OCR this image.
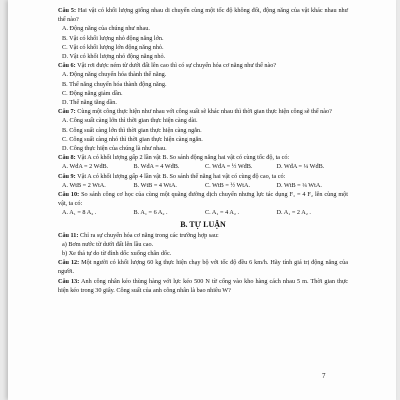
Câu 5: Hai vật có khối lượng giống nhau di chuyển cùng một tốc độ không đổi, động năng của vật khác nhau như thế nào?
A. Động năng của chúng như nhau.
B. Vật có khối lượng nhỏ động năng lớn.
C. Vật có khối lượng lớn động năng nhỏ.
D. Vật có khối lượng nhỏ động năng nhỏ.
Câu 6: Vật rơi được ném từ dưới đất lên cao thì có sự chuyển hóa cơ năng như thế nào?
A. Động năng chuyển hóa thành thế năng.
B. Thế năng chuyển hóa thành động năng.
C. Động năng giảm dần.
D. Thế năng tăng dần.
Câu 7: Cùng một công thực hiện như nhau với công suất sẽ khác nhau thì thời gian thực hiện công sẽ thế nào?
A. Công suất càng lớn thì thời gian thực hiện càng dài.
B. Công suất càng lớn thì thời gian thực hiện càng ngắn.
C. Công suất càng nhỏ thì thời gian thực hiện càng ngắn.
D. Công thực hiện của chúng là như nhau.
Câu 8: Vật A có khối lượng gấp 2 lần vật B. So sánh động năng hai vật có cùng tốc độ, ta có:
A. WđA = 2 WđB.	B. WđA = 4 WđB.	C. WđA = ½ WđB.	D. WđA = ¼ WđB.
Câu 9: Vật A có khối lượng gấp 4 lần vật B. So sánh thế năng hai vật có cùng độ cao, ta có:
A. WtB = 2 WtA.	B. WtB = 4 WtA.	C. WtB = ½ WtA.	D. WtB = ¼ WtA.
Câu 10: So sánh công cơ học của cùng một quãng đường dịch chuyển nhưng lực tác dụng F₁ = 4 F₂ lên cùng một vật, ta có:
A. A₁ = 8 A₂ .	B. A₁ = 6 A₂ .	C. A₁ = 4 A₂ .	D. A₁ = 2 A₂ .
B. TỰ LUẬN
Câu 11: Chỉ ra sự chuyển hóa cơ năng trong các trường hợp sau:
a) Bơm nước từ dưới đất lên lầu cao.
b) Xe thả tự do từ đỉnh dốc xuống chân dốc.
Câu 12: Một người có khối lượng 60 kg thực hiện chạy bộ với tốc độ đều 6 km/h. Hãy tính giá trị động năng của người.
Câu 13: Anh công nhân kéo thùng hàng với lực kéo 500 N từ cổng vào kho hàng cách nhau 5 m. Thời gian thực hiện kéo trong 30 giây. Công suất của anh công nhân là bao nhiêu W?
7
